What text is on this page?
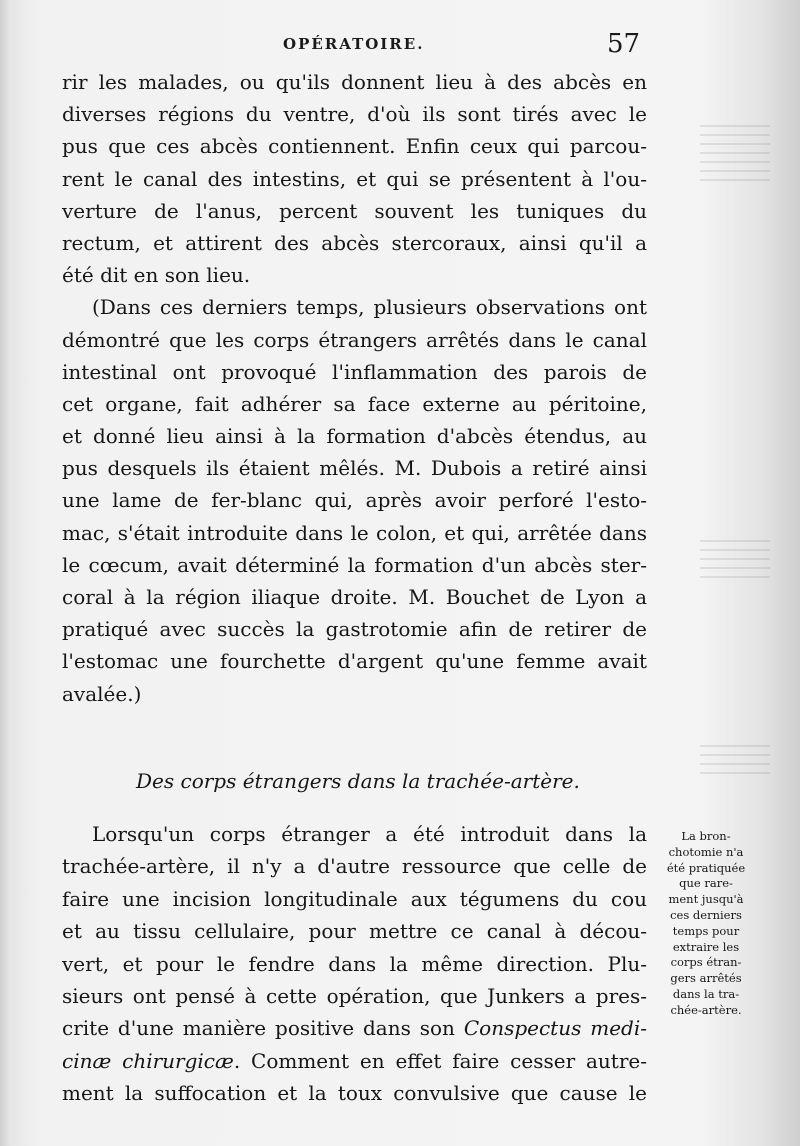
OPÉRATOIRE.	57
rir les malades, ou qu'ils donnent lieu à des abcès en
diverses régions du ventre, d'où ils sont tirés avec le
pus que ces abcès contiennent. Enfin ceux qui parcou-
rent le canal des intestins, et qui se présentent à l'ou-
verture de l'anus, percent souvent les tuniques du
rectum, et attirent des abcès stercoraux, ainsi qu'il a
été dit en son lieu.
(Dans ces derniers temps, plusieurs observations ont
démontré que les corps étrangers arrêtés dans le canal
intestinal ont provoqué l'inflammation des parois de
cet organe, fait adhérer sa face externe au péritoine,
et donné lieu ainsi à la formation d'abcès étendus, au
pus desquels ils étaient mêlés. M. Dubois a retiré ainsi
une lame de fer-blanc qui, après avoir perforé l'esto-
mac, s'était introduite dans le colon, et qui, arrêtée dans
le cœcum, avait déterminé la formation d'un abcès ster-
coral à la région iliaque droite. M. Bouchet de Lyon a
pratiqué avec succès la gastrotomie afin de retirer de
l'estomac une fourchette d'argent qu'une femme avait
avalée.)
Des corps étrangers dans la trachée-artère.
Lorsqu'un corps étranger a été introduit dans la
trachée-artère, il n'y a d'autre ressource que celle de
faire une incision longitudinale aux tégumens du cou
et au tissu cellulaire, pour mettre ce canal à décou-
vert, et pour le fendre dans la même direction. Plu-
sieurs ont pensé à cette opération, que Junkers a pres-
crite d'une manière positive dans son Conspectus medi-
cinæ chirurgicæ. Comment en effet faire cesser autre-
ment la suffocation et la toux convulsive que cause le
La bron-
chotomie n'a
été pratiquée
que rare-
ment jusqu'à
ces derniers
temps pour
extraire les
corps étran-
gers arrêtés
dans la tra-
chée-artère.
